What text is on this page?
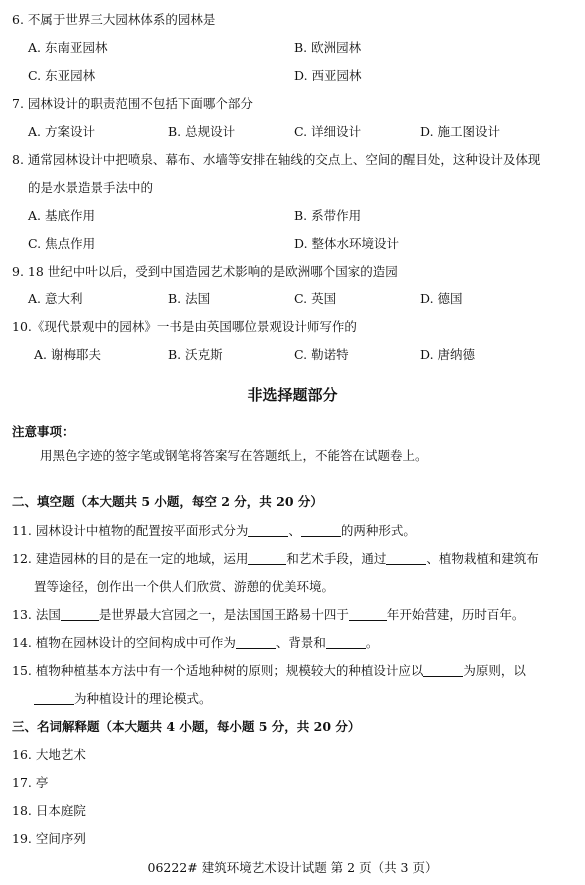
6. 不属于世界三大园林体系的园林是
A. 东南亚园林	B. 欧洲园林
C. 东亚园林	D. 西亚园林
7. 园林设计的职责范围不包括下面哪个部分
A. 方案设计	B. 总规设计	C. 详细设计	D. 施工图设计
8. 通常园林设计中把喷泉、幕布、水墙等安排在轴线的交点上、空间的醒目处，这种设计及体现
的是水景造景手法中的
A. 基底作用	B. 系带作用
C. 焦点作用	D. 整体水环境设计
9. 18 世纪中叶以后，受到中国造园艺术影响的是欧洲哪个国家的造园
A. 意大利	B. 法国	C. 英国	D. 德国
10.《现代景观中的园林》一书是由英国哪位景观设计师写作的
A. 谢梅耶夫	B. 沃克斯	C. 勒诺特	D. 唐纳德
非选择题部分
注意事项：
用黑色字迹的签字笔或钢笔将答案写在答题纸上，不能答在试题卷上。
二、填空题（本大题共 5 小题，每空 2 分，共 20 分）
11. 园林设计中植物的配置按平面形式分为	、	的两种形式。
12. 建造园林的目的是在一定的地域，运用	和艺术手段，通过	、植物栽植和建筑布
置等途径，创作出一个供人们欣赏、游憩的优美环境。
13. 法国	是世界最大宫园之一，是法国国王路易十四于	年开始营建，历时百年。
14. 植物在园林设计的空间构成中可作为	、背景和	。
15. 植物种植基本方法中有一个适地种树的原则；规模较大的种植设计应以	为原则，以
为种植设计的理论模式。
三、名词解释题（本大题共 4 小题，每小题 5 分，共 20 分）
16. 大地艺术
17. 亭
18. 日本庭院
19. 空间序列
06222# 建筑环境艺术设计试题 第 2 页（共 3 页）
